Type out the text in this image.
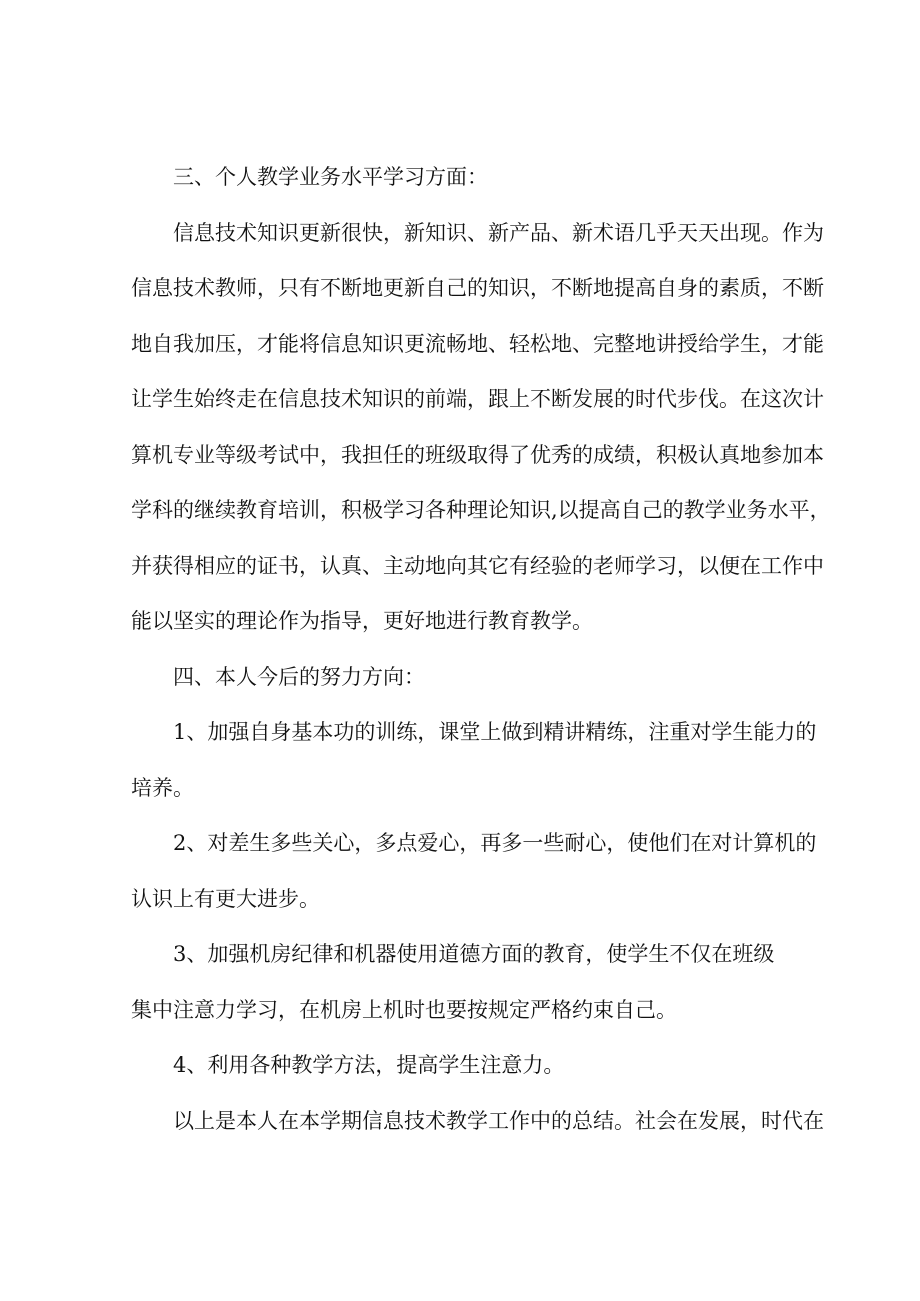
三、个人教学业务水平学习方面：

信息技术知识更新很快，新知识、新产品、新术语几乎天天出现。作为

信息技术教师，只有不断地更新自己的知识，不断地提高自身的素质，不断

地自我加压，才能将信息知识更流畅地、轻松地、完整地讲授给学生，才能

让学生始终走在信息技术知识的前端，跟上不断发展的时代步伐。在这次计

算机专业等级考试中，我担任的班级取得了优秀的成绩，积极认真地参加本

学科的继续教育培训，积极学习各种理论知识,以提高自己的教学业务水平，

并获得相应的证书，认真、主动地向其它有经验的老师学习，以便在工作中

能以坚实的理论作为指导，更好地进行教育教学。

四、本人今后的努力方向：

1、加强自身基本功的训练，课堂上做到精讲精练，注重对学生能力的

培养。

2、对差生多些关心，多点爱心，再多一些耐心，使他们在对计算机的

认识上有更大进步。

3、加强机房纪律和机器使用道德方面的教育，使学生不仅在班级

集中注意力学习，在机房上机时也要按规定严格约束自己。

4、利用各种教学方法，提高学生注意力。

以上是本人在本学期信息技术教学工作中的总结。社会在发展，时代在
